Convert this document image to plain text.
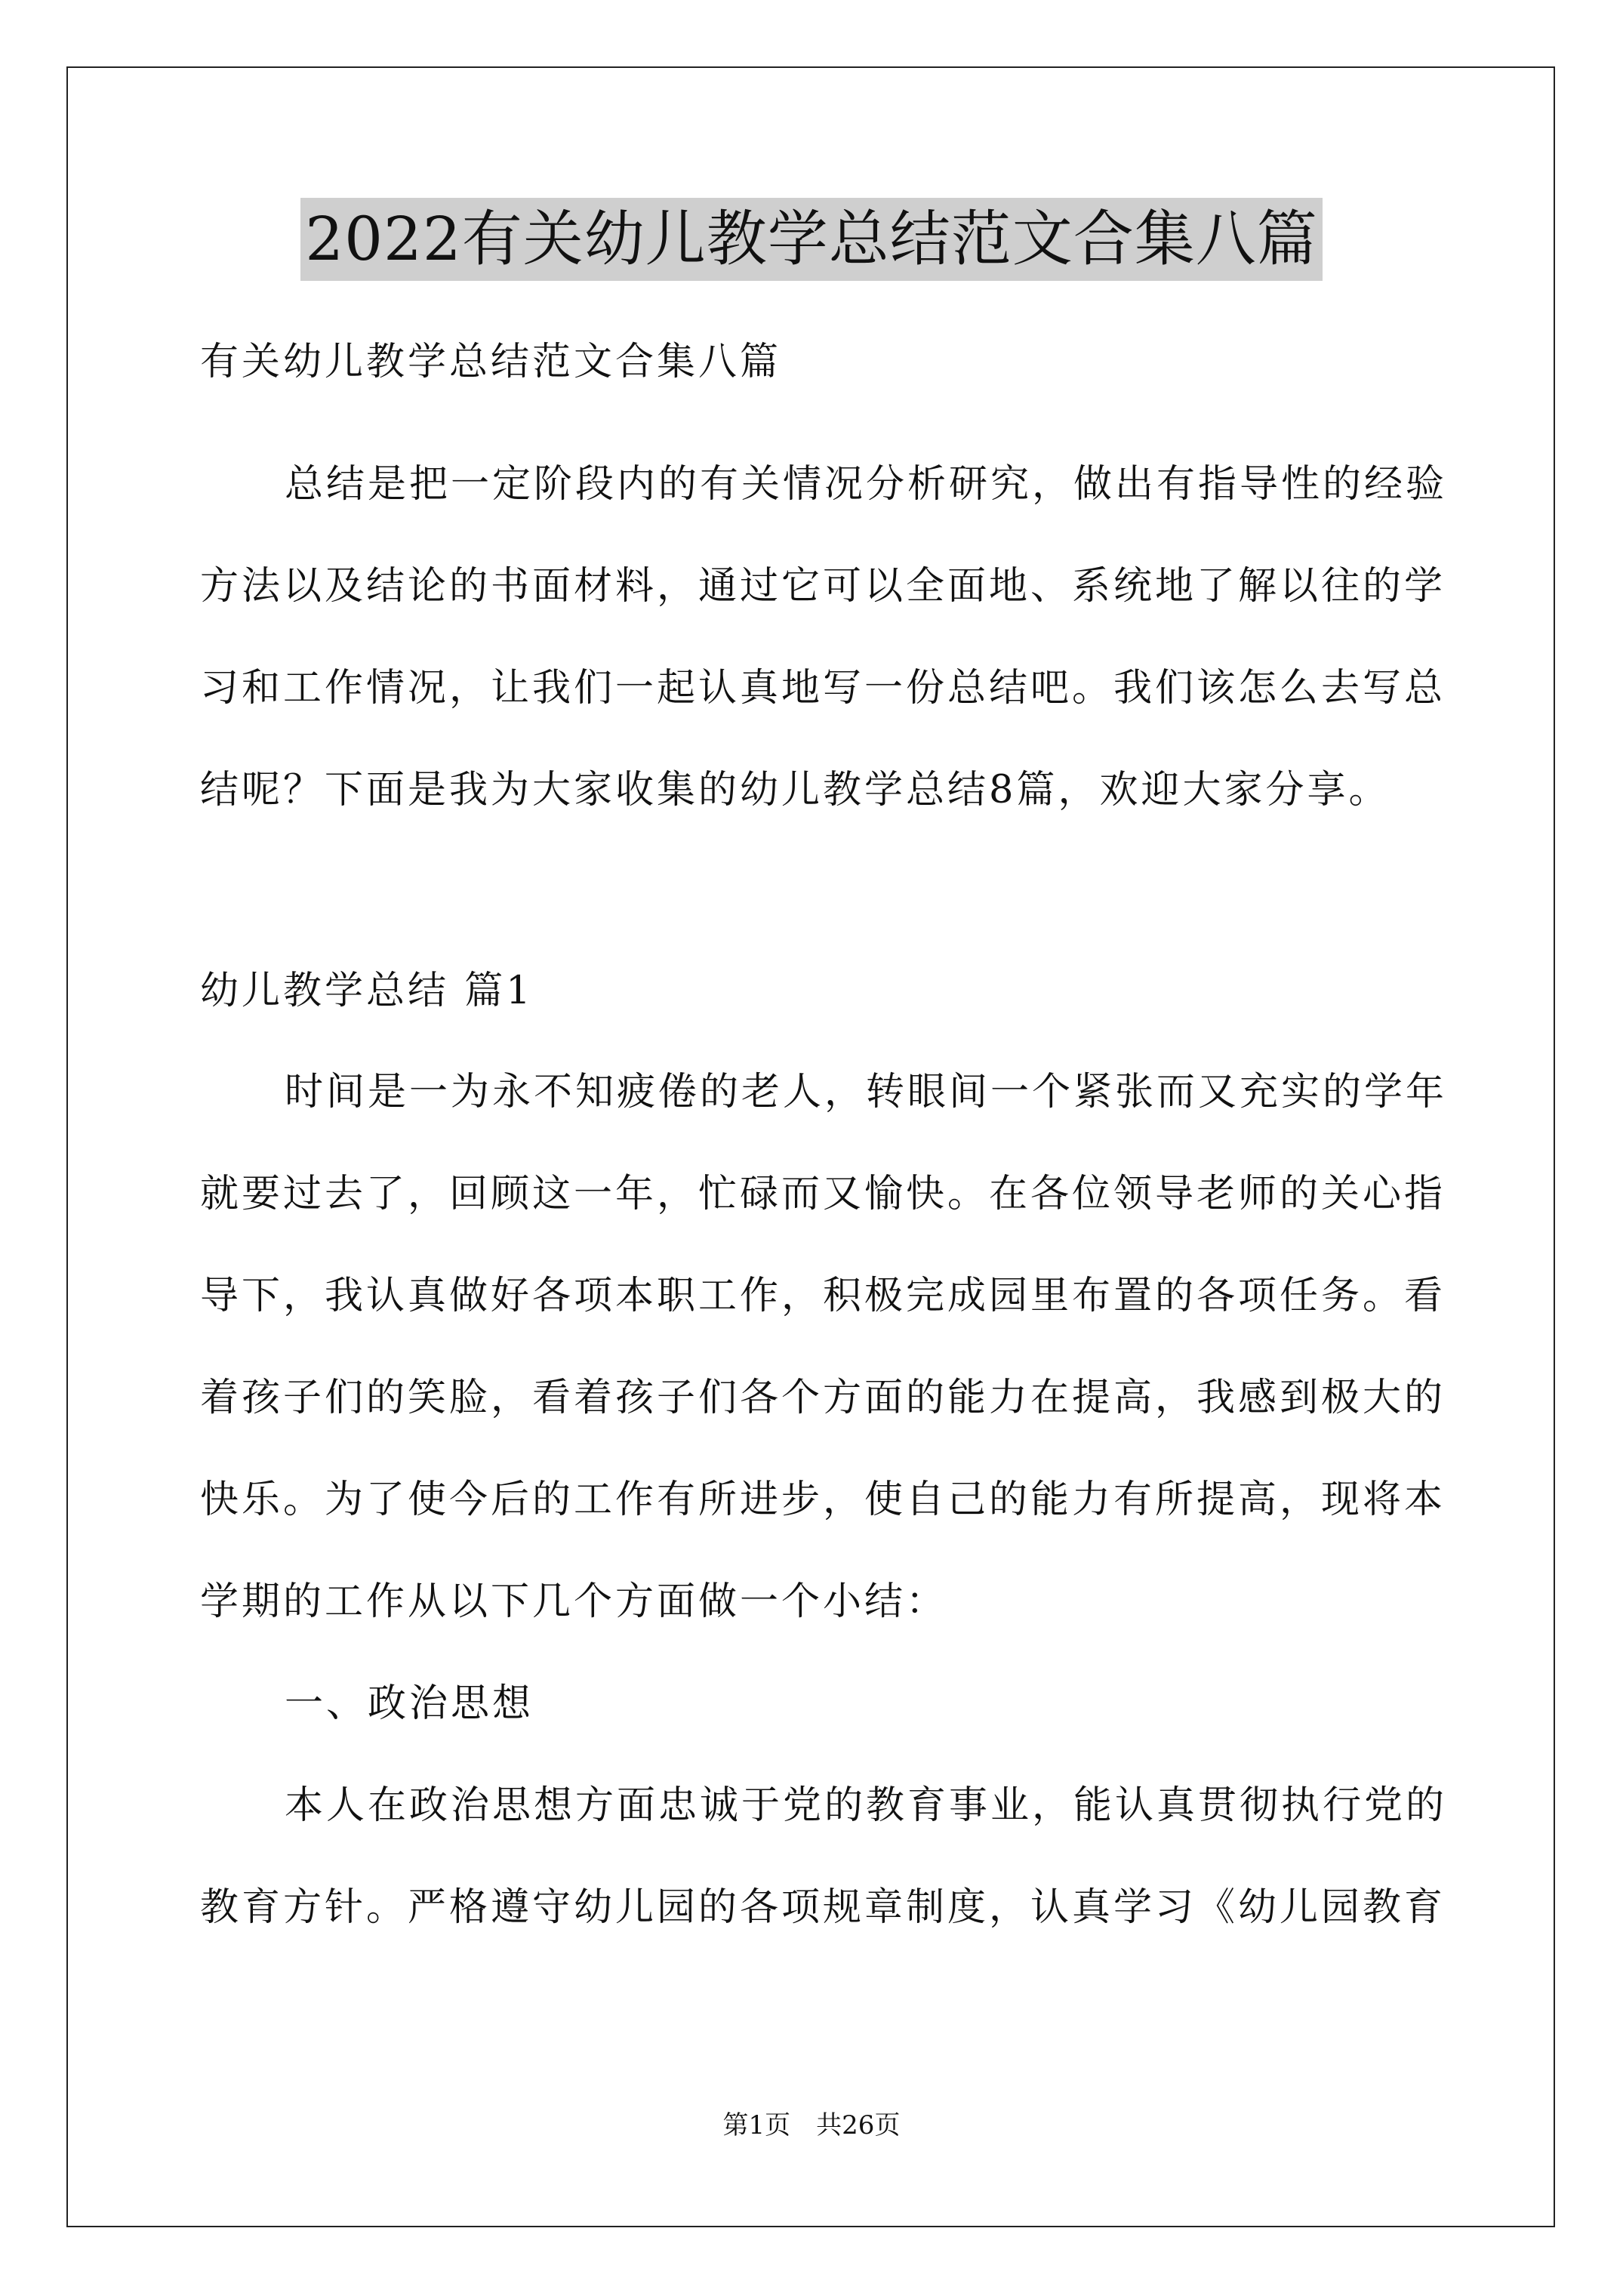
2022有关幼儿教学总结范文合集八篇
有关幼儿教学总结范文合集八篇
总结是把一定阶段内的有关情况分析研究，做出有指导性的经验
方法以及结论的书面材料，通过它可以全面地、系统地了解以往的学
习和工作情况，让我们一起认真地写一份总结吧。我们该怎么去写总
结呢？下面是我为大家收集的幼儿教学总结8篇，欢迎大家分享。
幼儿教学总结 篇1
时间是一为永不知疲倦的老人，转眼间一个紧张而又充实的学年
就要过去了，回顾这一年，忙碌而又愉快。在各位领导老师的关心指
导下，我认真做好各项本职工作，积极完成园里布置的各项任务。看
着孩子们的笑脸，看着孩子们各个方面的能力在提高，我感到极大的
快乐。为了使今后的工作有所进步，使自己的能力有所提高，现将本
学期的工作从以下几个方面做一个小结：
一、政治思想
本人在政治思想方面忠诚于党的教育事业，能认真贯彻执行党的
教育方针。严格遵守幼儿园的各项规章制度，认真学习《幼儿园教育
第1页　共26页
